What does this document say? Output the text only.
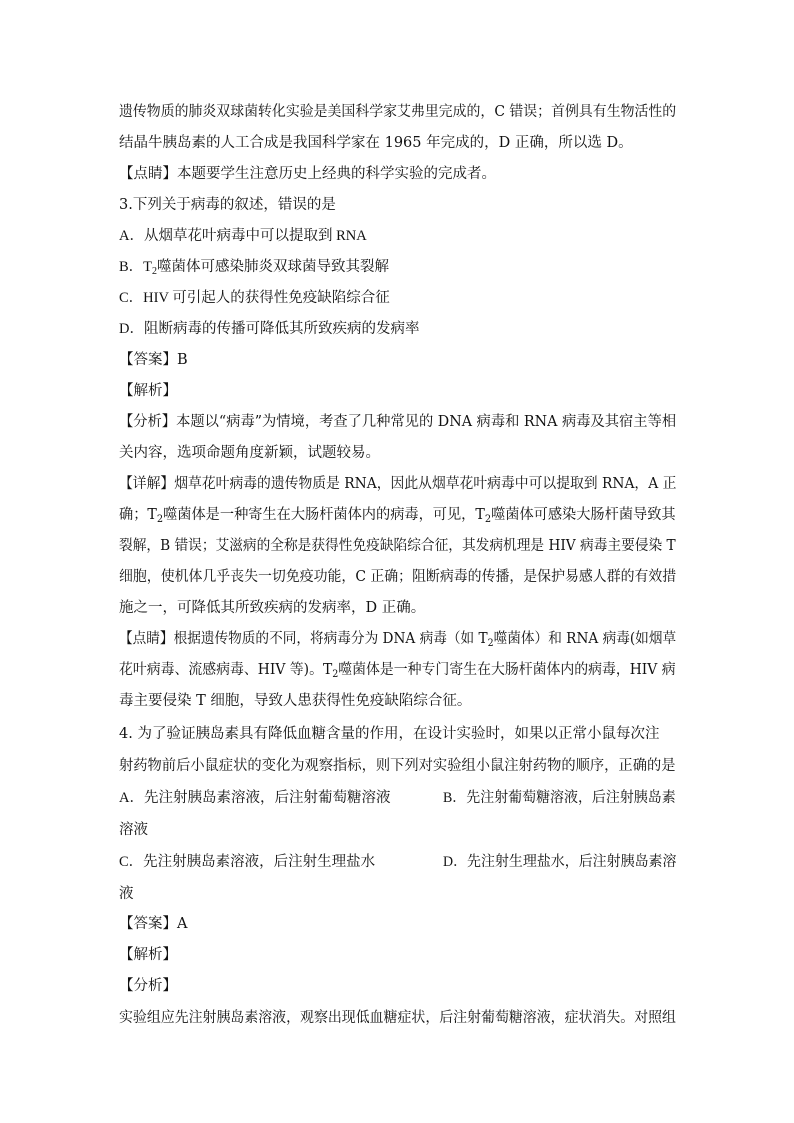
遗传物质的肺炎双球菌转化实验是美国科学家艾弗里完成的，C 错误；首例具有生物活性的
结晶牛胰岛素的人工合成是我国科学家在 1965 年完成的，D 正确，所以选 D。
【点睛】本题要学生注意历史上经典的科学实验的完成者。
3.下列关于病毒的叙述，错误的是
A．从烟草花叶病毒中可以提取到 RNA
B．$T_2$噬菌体可感染肺炎双球菌导致其裂解
C．HIV 可引起人的获得性免疫缺陷综合征
D．阻断病毒的传播可降低其所致疾病的发病率
【答案】B
【解析】
【分析】本题以“病毒”为情境，考查了几种常见的 DNA 病毒和 RNA 病毒及其宿主等相
关内容，选项命题角度新颖，试题较易。
【详解】烟草花叶病毒的遗传物质是 RNA，因此从烟草花叶病毒中可以提取到 RNA，A 正
确；$T_2$噬菌体是一种寄生在大肠杆菌体内的病毒，可见，$T_2$噬菌体可感染大肠杆菌导致其
裂解，B 错误；艾滋病的全称是获得性免疫缺陷综合征，其发病机理是 HIV 病毒主要侵染 T
细胞，使机体几乎丧失一切免疫功能，C 正确；阻断病毒的传播，是保护易感人群的有效措
施之一，可降低其所致疾病的发病率，D 正确。
【点睛】根据遗传物质的不同，将病毒分为 DNA 病毒（如 $T_2$噬菌体）和 RNA 病毒(如烟草
花叶病毒、流感病毒、HIV 等)。$T_2$噬菌体是一种专门寄生在大肠杆菌体内的病毒，HIV 病
毒主要侵染 T 细胞，导致人患获得性免疫缺陷综合征。
4. 为了验证胰岛素具有降低血糖含量的作用，在设计实验时，如果以正常小鼠每次注
射药物前后小鼠症状的变化为观察指标，则下列对实验组小鼠注射药物的顺序，正确的是
A．先注射胰岛素溶液，后注射葡萄糖溶液	B．先注射葡萄糖溶液，后注射胰岛素
溶液
C．先注射胰岛素溶液，后注射生理盐水	D．先注射生理盐水，后注射胰岛素溶
液
【答案】A
【解析】
【分析】
实验组应先注射胰岛素溶液，观察出现低血糖症状，后注射葡萄糖溶液，症状消失。对照组
